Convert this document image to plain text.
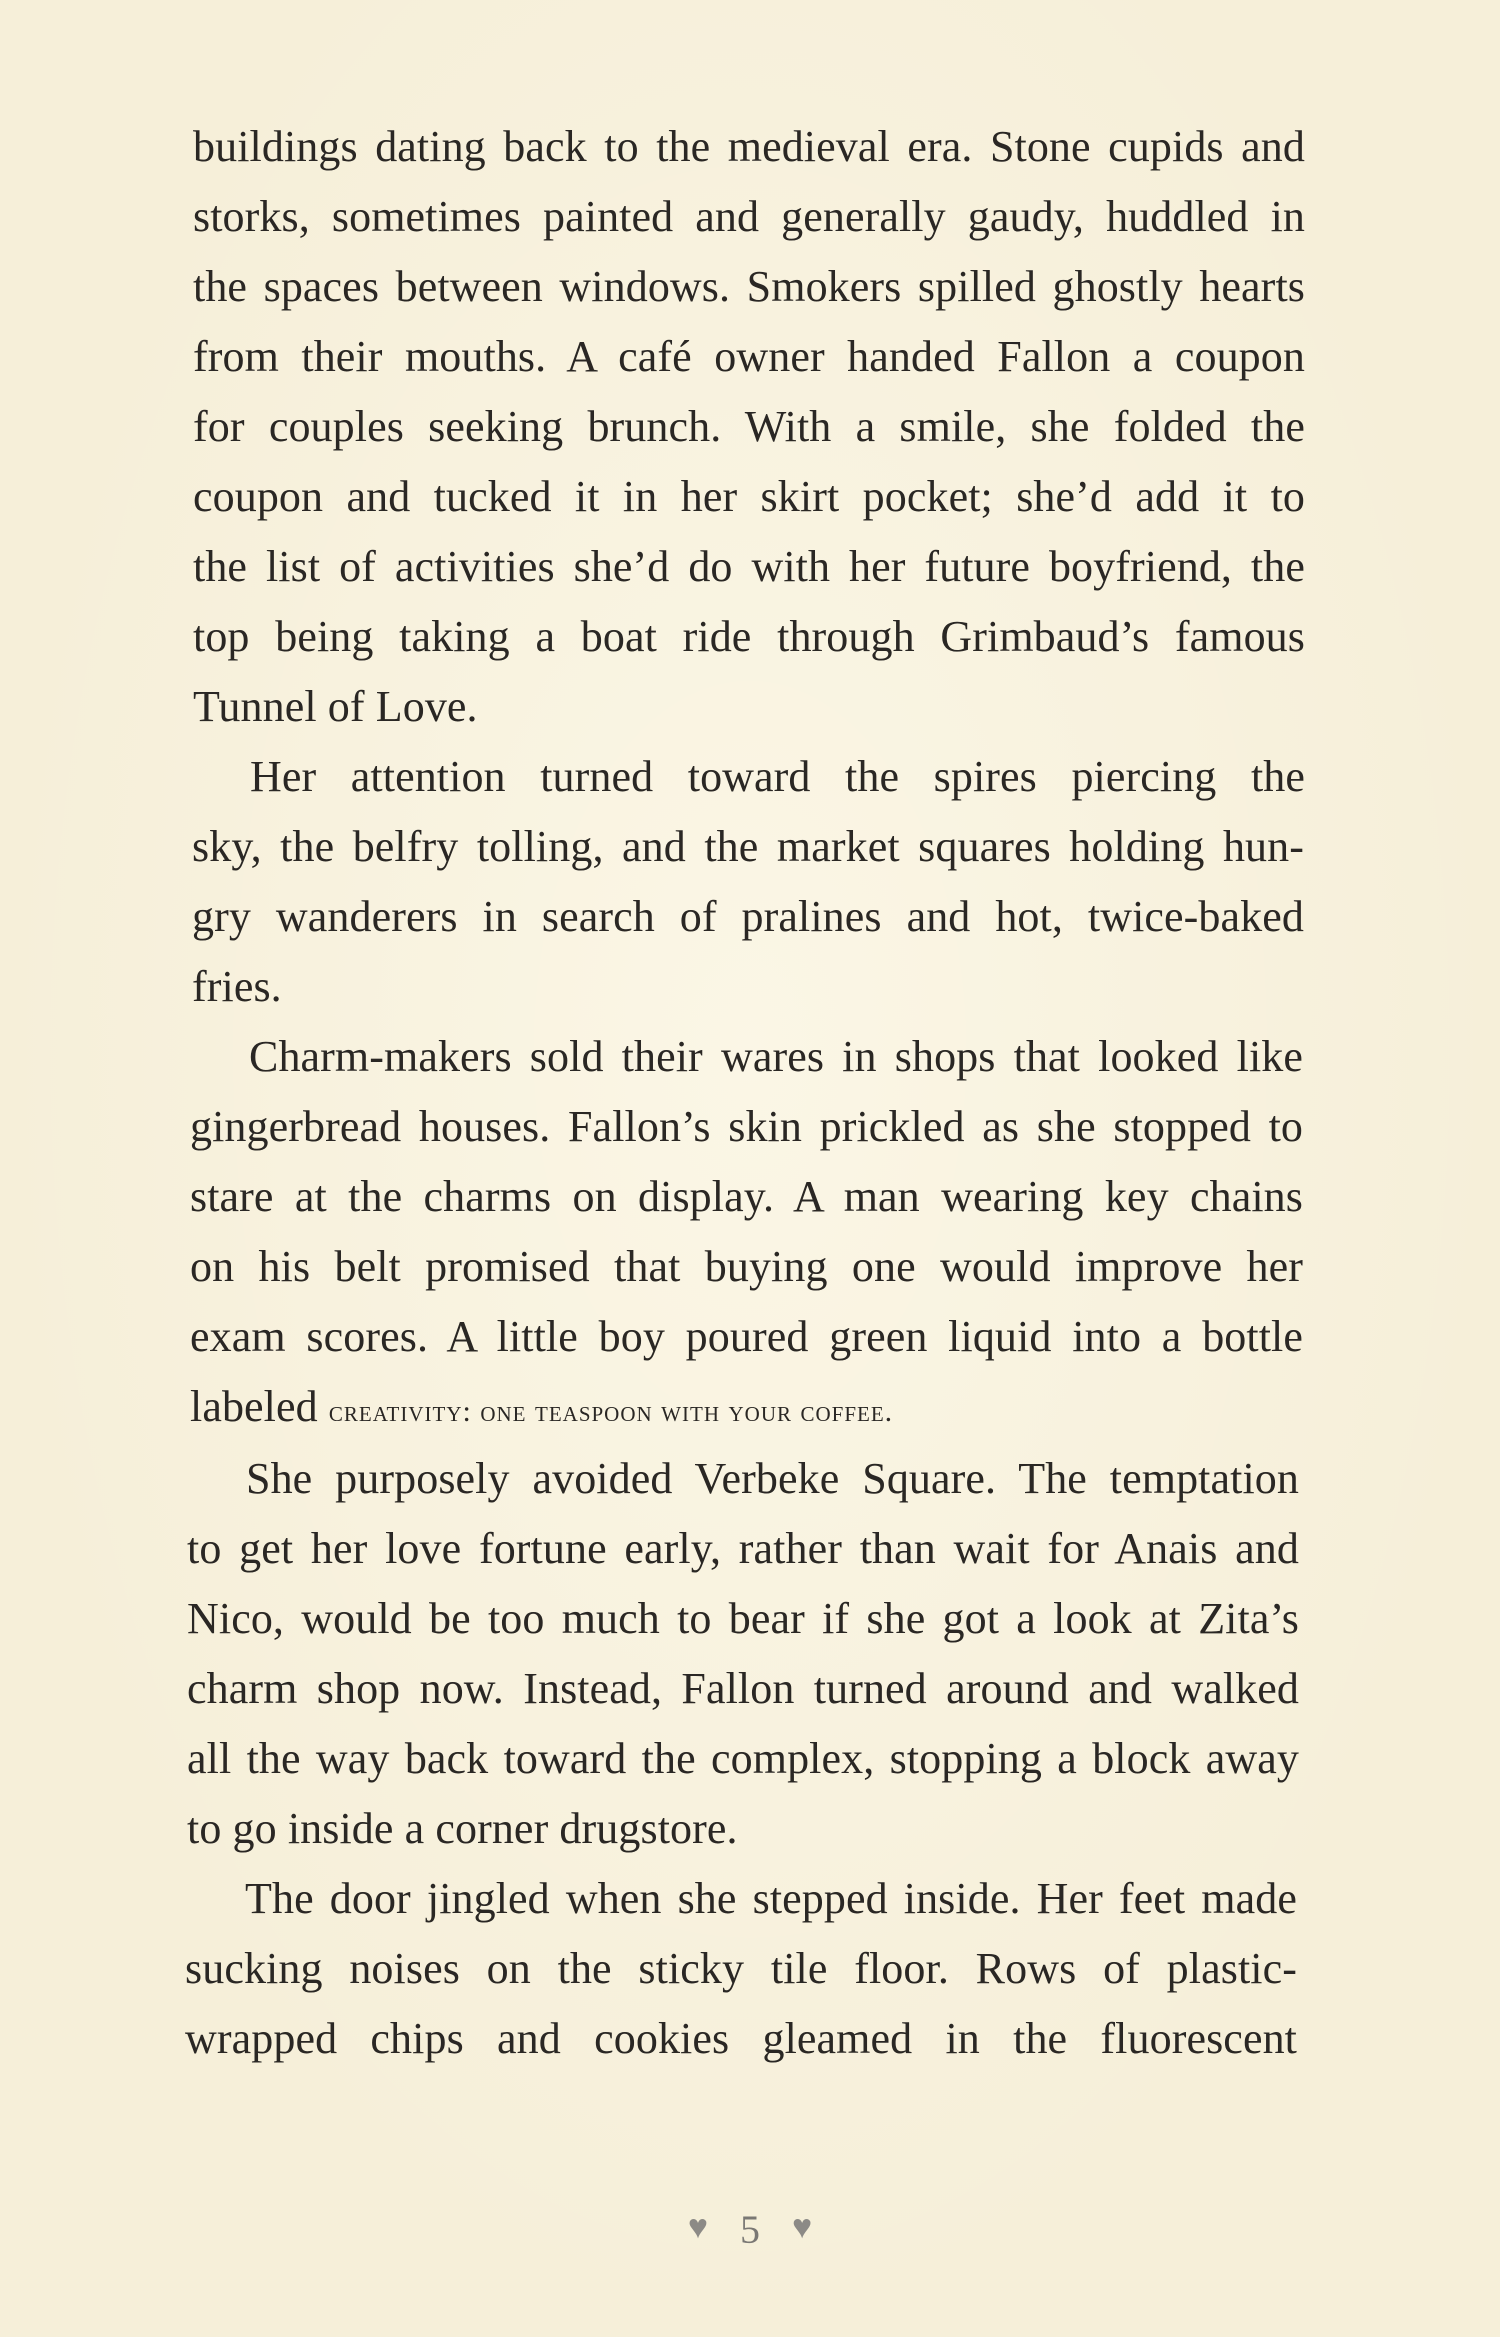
buildings dating back to the medieval era. Stone cupids and
storks, sometimes painted and generally gaudy, huddled in
the spaces between windows. Smokers spilled ghostly hearts
from their mouths. A café owner handed Fallon a coupon
for couples seeking brunch. With a smile, she folded the
coupon and tucked it in her skirt pocket; she’d add it to
the list of activities she’d do with her future boyfriend, the
top being taking a boat ride through Grimbaud’s famous
Tunnel of Love.
Her attention turned toward the spires piercing the
sky, the belfry tolling, and the market squares holding hun-
gry wanderers in search of pralines and hot, twice-baked
fries.
Charm-makers sold their wares in shops that looked like
gingerbread houses. Fallon’s skin prickled as she stopped to
stare at the charms on display. A man wearing key chains
on his belt promised that buying one would improve her
exam scores. A little boy poured green liquid into a bottle
labeled creativity: one teaspoon with your coffee.
She purposely avoided Verbeke Square. The temptation
to get her love fortune early, rather than wait for Anais and
Nico, would be too much to bear if she got a look at Zita’s
charm shop now. Instead, Fallon turned around and walked
all the way back toward the complex, stopping a block away
to go inside a corner drugstore.
The door jingled when she stepped inside. Her feet made
sucking noises on the sticky tile floor. Rows of plastic-
wrapped chips and cookies gleamed in the fluorescent
♥ 5 ♥
